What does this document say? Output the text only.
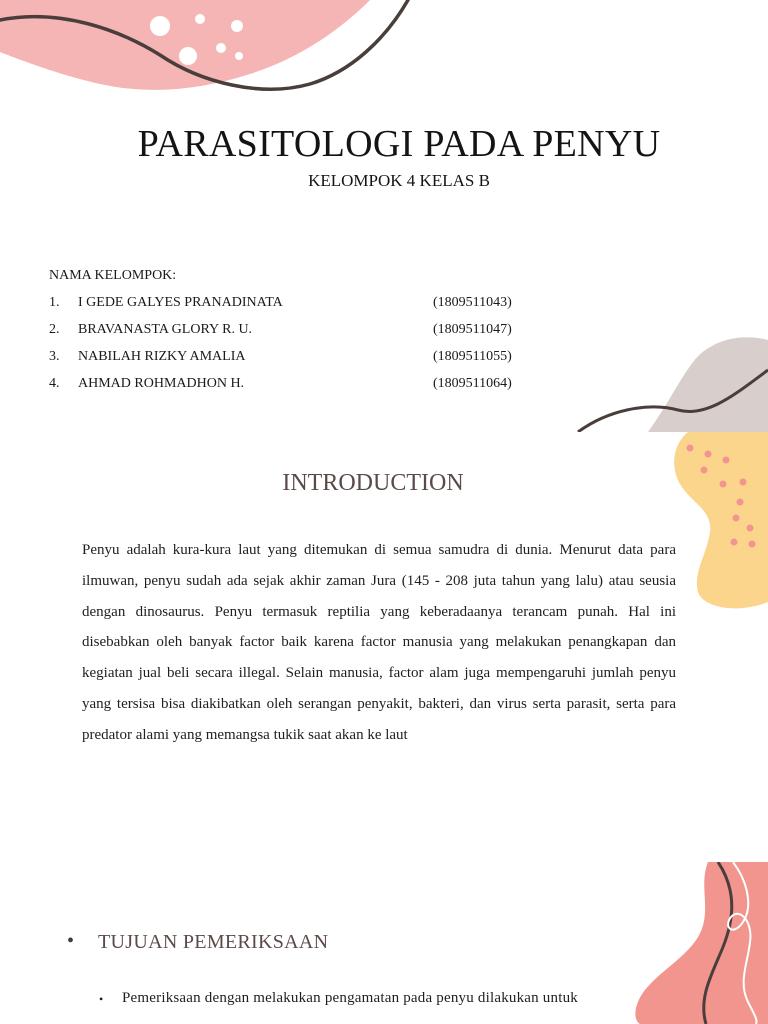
PARASITOLOGI PADA PENYU
KELOMPOK 4 KELAS B
NAMA KELOMPOK:
1.	I GEDE GALYES PRANADINATA	(1809511043)
2.	BRAVANASTA GLORY R. U.	(1809511047)
3.	NABILAH RIZKY AMALIA	(1809511055)
4.	AHMAD ROHMADHON H.	(1809511064)
INTRODUCTION
Penyu adalah kura-kura laut yang ditemukan di semua samudra di dunia. Menurut data para ilmuwan, penyu sudah ada sejak akhir zaman Jura (145 - 208 juta tahun yang lalu) atau seusia dengan dinosaurus. Penyu termasuk reptilia yang keberadaanya terancam punah. Hal ini disebabkan oleh banyak factor baik karena factor manusia yang melakukan penangkapan dan kegiatan jual beli secara illegal. Selain manusia, factor alam juga mempengaruhi jumlah penyu yang tersisa bisa diakibatkan oleh serangan penyakit, bakteri, dan virus serta parasit, serta para predator alami yang memangsa tukik saat akan ke laut
• TUJUAN PEMERIKSAAN
• Pemeriksaan dengan melakukan pengamatan pada penyu dilakukan untuk
